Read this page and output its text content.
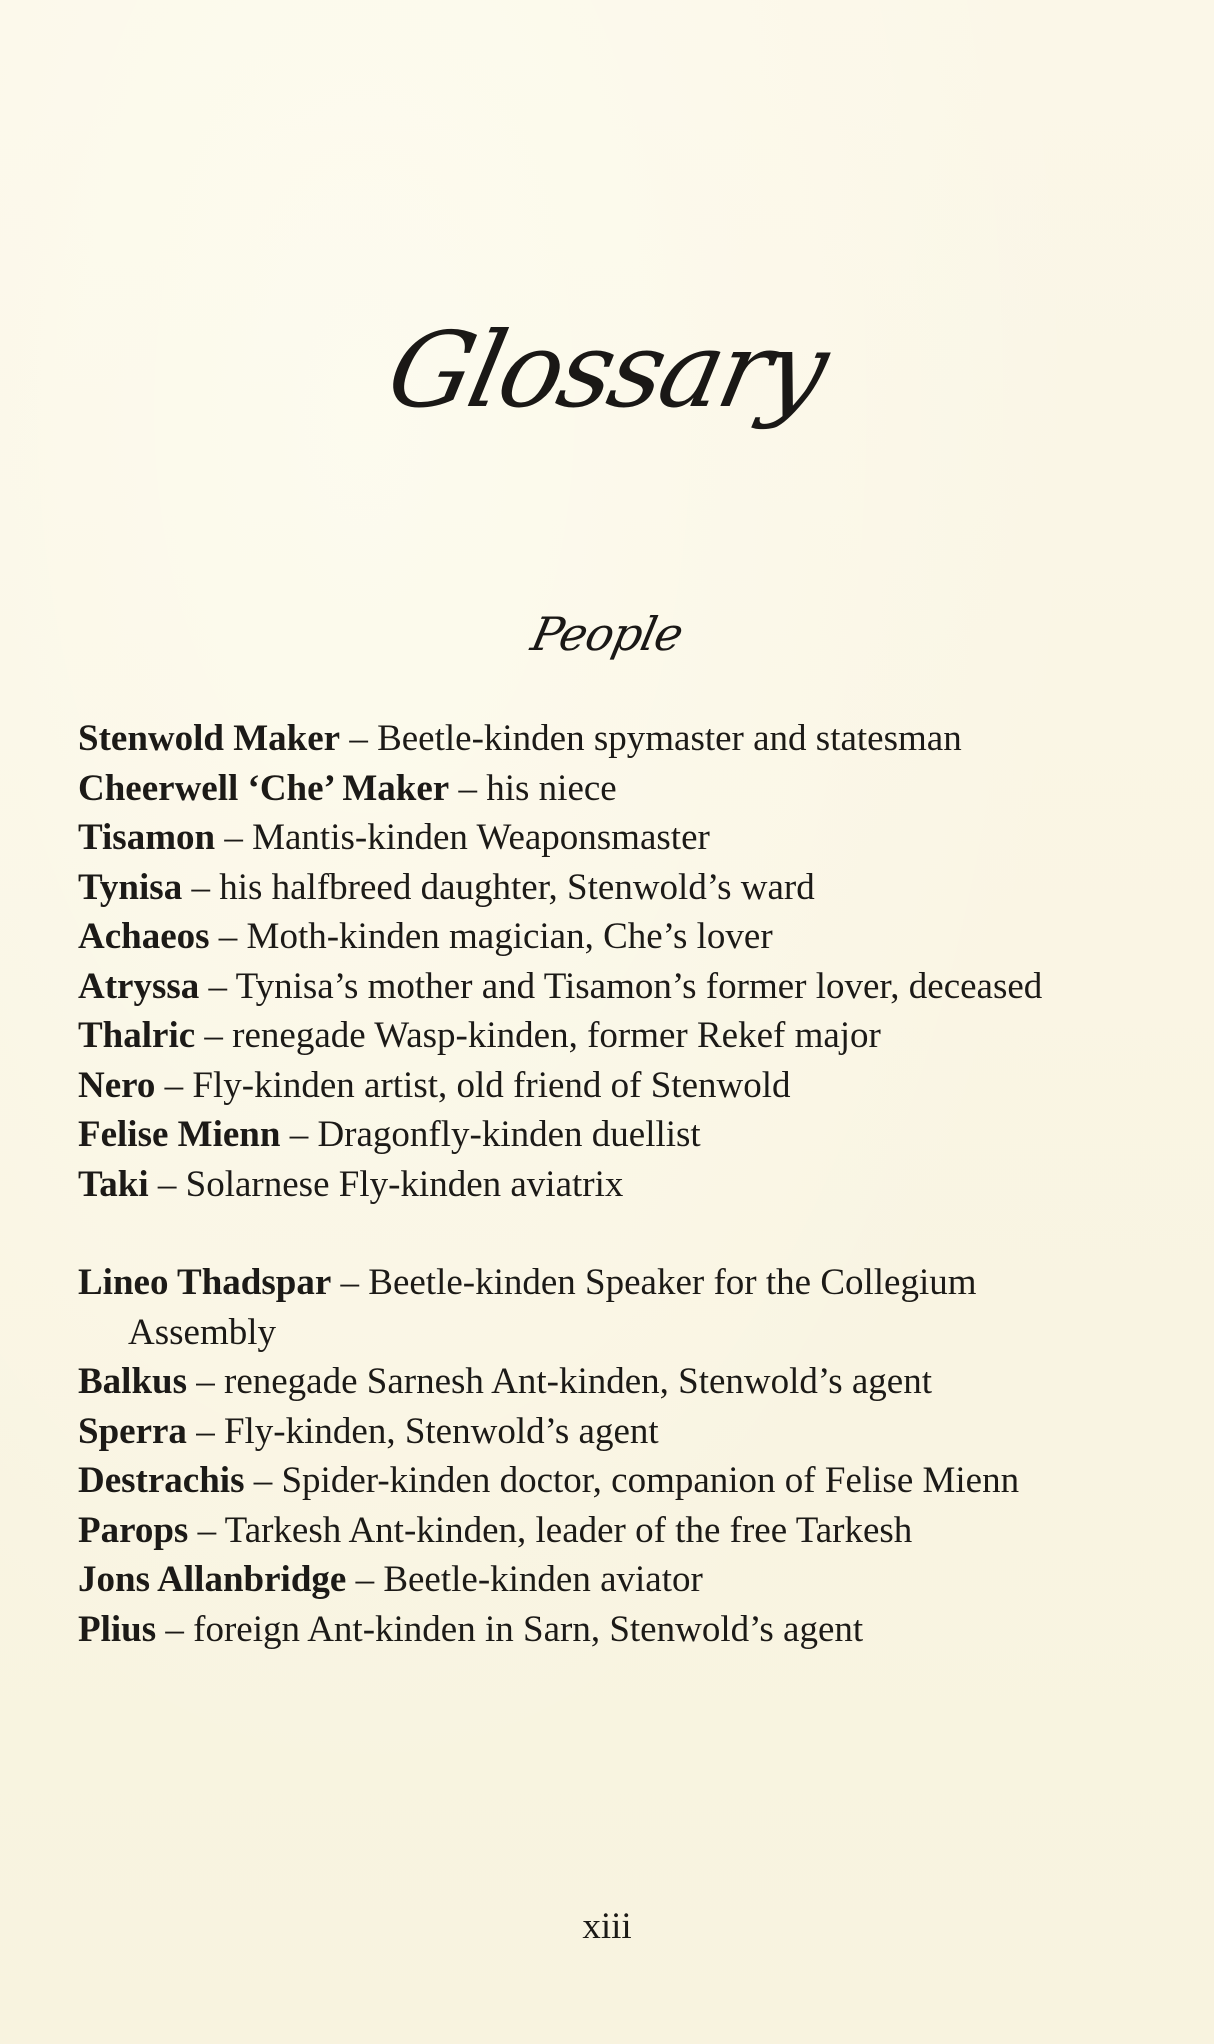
Glossary
People

Stenwold Maker – Beetle-kinden spymaster and statesman

Cheerwell ‘Che’ Maker – his niece

Tisamon – Mantis-kinden Weaponsmaster

Tynisa – his halfbreed daughter, Stenwold’s ward

Achaeos – Moth-kinden magician, Che’s lover

Atryssa – Tynisa’s mother and Tisamon’s former lover, deceased

Thalric – renegade Wasp-kinden, former Rekef major

Nero – Fly-kinden artist, old friend of Stenwold

Felise Mienn – Dragonfly-kinden duellist

Taki – Solarnese Fly-kinden aviatrix

Lineo Thadspar – Beetle-kinden Speaker for the Collegium Assembly

Balkus – renegade Sarnesh Ant-kinden, Stenwold’s agent

Sperra – Fly-kinden, Stenwold’s agent

Destrachis – Spider-kinden doctor, companion of Felise Mienn

Parops – Tarkesh Ant-kinden, leader of the free Tarkesh

Jons Allanbridge – Beetle-kinden aviator

Plius – foreign Ant-kinden in Sarn, Stenwold’s agent

xiii
